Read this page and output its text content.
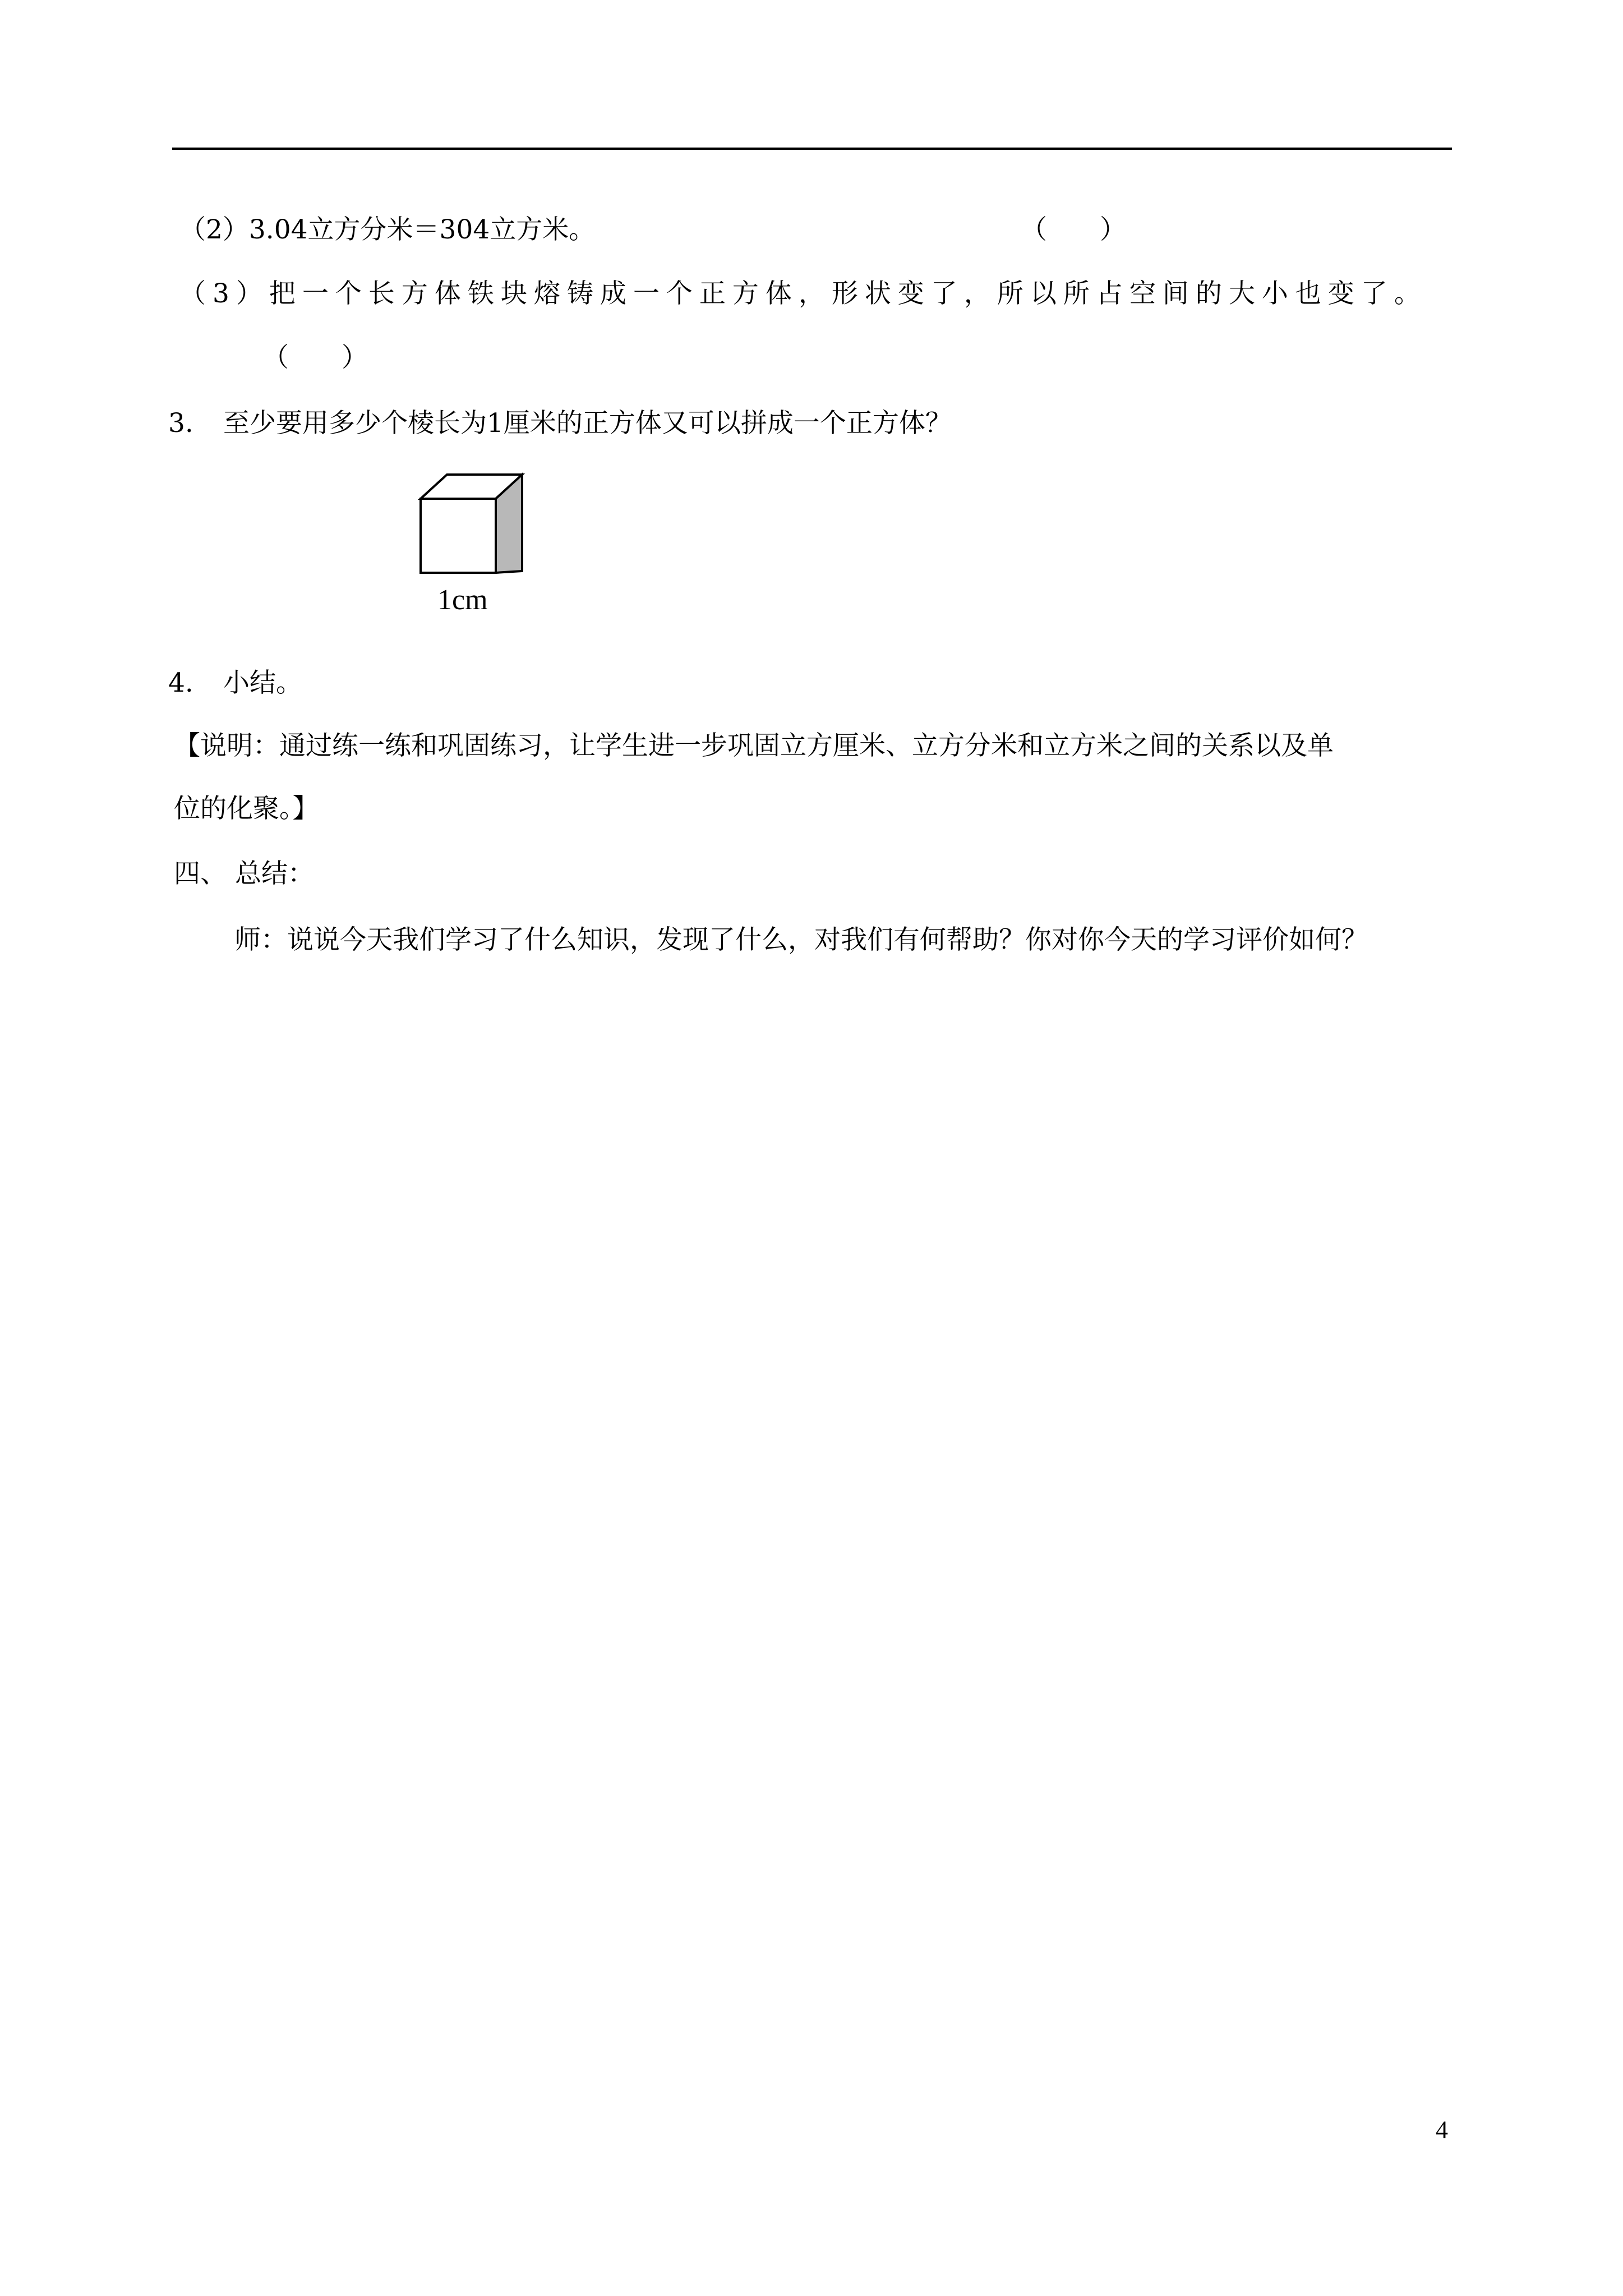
（2）3.04立方分米＝304立方米。	（　　）
（3）把一个长方体铁块熔铸成一个正方体，形状变了，所以所占空间的大小也变了。
（　　）
3. 至少要用多少个棱长为1厘米的正方体又可以拼成一个正方体？
1cm
4. 小结。
【说明：通过练一练和巩固练习，让学生进一步巩固立方厘米、立方分米和立方米之间的关系以及单
位的化聚。】
四、 总结：
师：说说今天我们学习了什么知识，发现了什么，对我们有何帮助？你对你今天的学习评价如何？
4
